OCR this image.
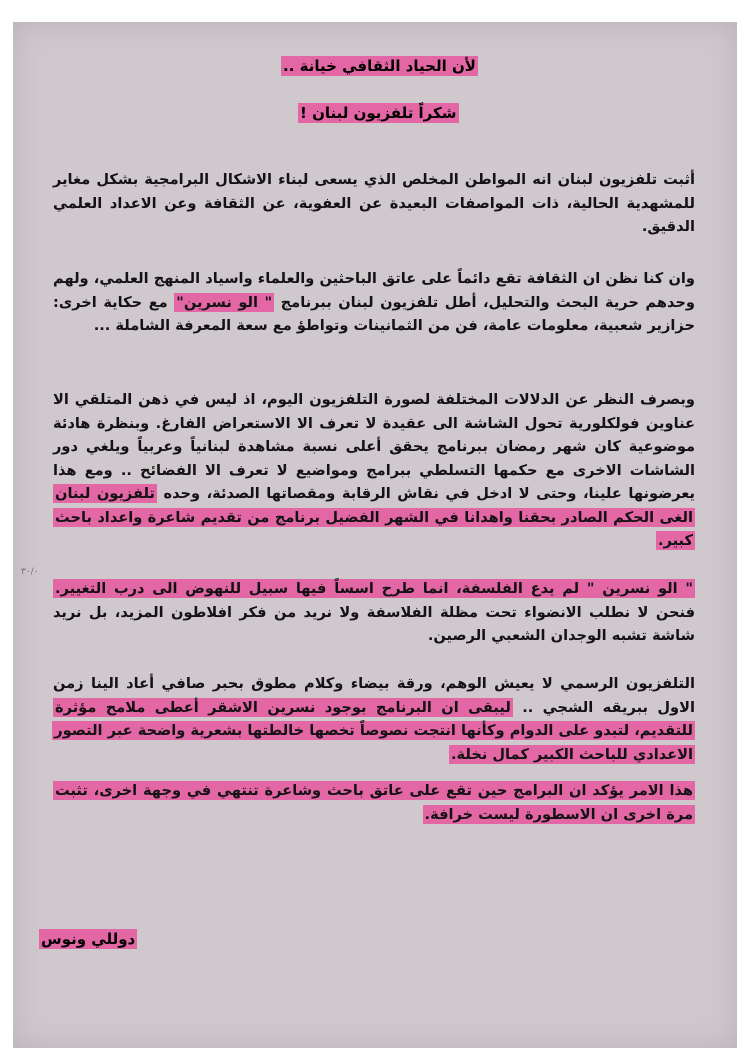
لأن الحياد الثقافي خيانة ..
شكراً تلفزيون لبنان !
أثبت تلفزيون لبنان انه المواطن المخلص الذي يسعى لبناء الاشكال البرامجية بشكل مغاير للمشهدية الحالية، ذات المواصفات البعيدة عن العفوية، عن الثقافة وعن الاعداد العلمي الدقيق.
وان كنا نظن ان الثقافة تقع دائماً على عاتق الباحثين والعلماء واسياد المنهج العلمي، ولهم وحدهم حرية البحث والتحليل، أطل تلفزيون لبنان ببرنامج " الو نسرين" مع حكاية اخرى: حزازير شعبية، معلومات عامة، فن من الثمانينات وتواطؤ مع سعة المعرفة الشاملة ...
وبصرف النظر عن الدلالات المختلفة لصورة التلفزيون اليوم، اذ ليس في ذهن المتلقي الا عناوين فولكلورية تحول الشاشة الى عقيدة لا تعرف الا الاستعراض الفارغ. وبنظرة هادئة موضوعية كان شهر رمضان ببرنامج يحقق أعلى نسبة مشاهدة لبنانياً وعربياً ويلغي دور الشاشات الاخرى مع حكمها التسلطي ببرامج ومواضيع لا تعرف الا الفضائح .. ومع هذا يعرضونها علينا، وحتى لا ادخل في نقاش الرقابة ومقصاتها الصدئة، وحده تلفزيون لبنان الغى الحكم الصادر بحقنا واهدانا في الشهر الفضيل برنامج من تقديم شاعرة واعداد باحث كبير.
٣٠/٠
" الو نسرين " لم يدع الفلسفة، انما طرح اسساً فيها سبيل للنهوض الى درب التغيير. فنحن لا نطلب الانضواء تحت مظلة الفلاسفة ولا نريد من فكر افلاطون المزيد، بل نريد شاشة تشبه الوجدان الشعبي الرصين.
التلفزيون الرسمي لا يعيش الوهم، ورقة بيضاء وكلام مطوق بحبر صافي أعاد الينا زمن الاول ببريقه الشجي .. ليبقى ان البرنامج بوجود نسرين الاشقر أعطى ملامح مؤثرة للتقديم، لتبدو على الدوام وكأنها انتجت نصوصاً تخصها خالطتها بشعرية واضحة عبر التصور الاعدادي للباحث الكبير كمال نخلة.
هذا الامر يؤكد ان البرامج حين تقع على عاتق باحث وشاعرة تنتهي في وجهة اخرى، تثبت مرة اخرى ان الاسطورة ليست خرافة.
دوللي ونوس
